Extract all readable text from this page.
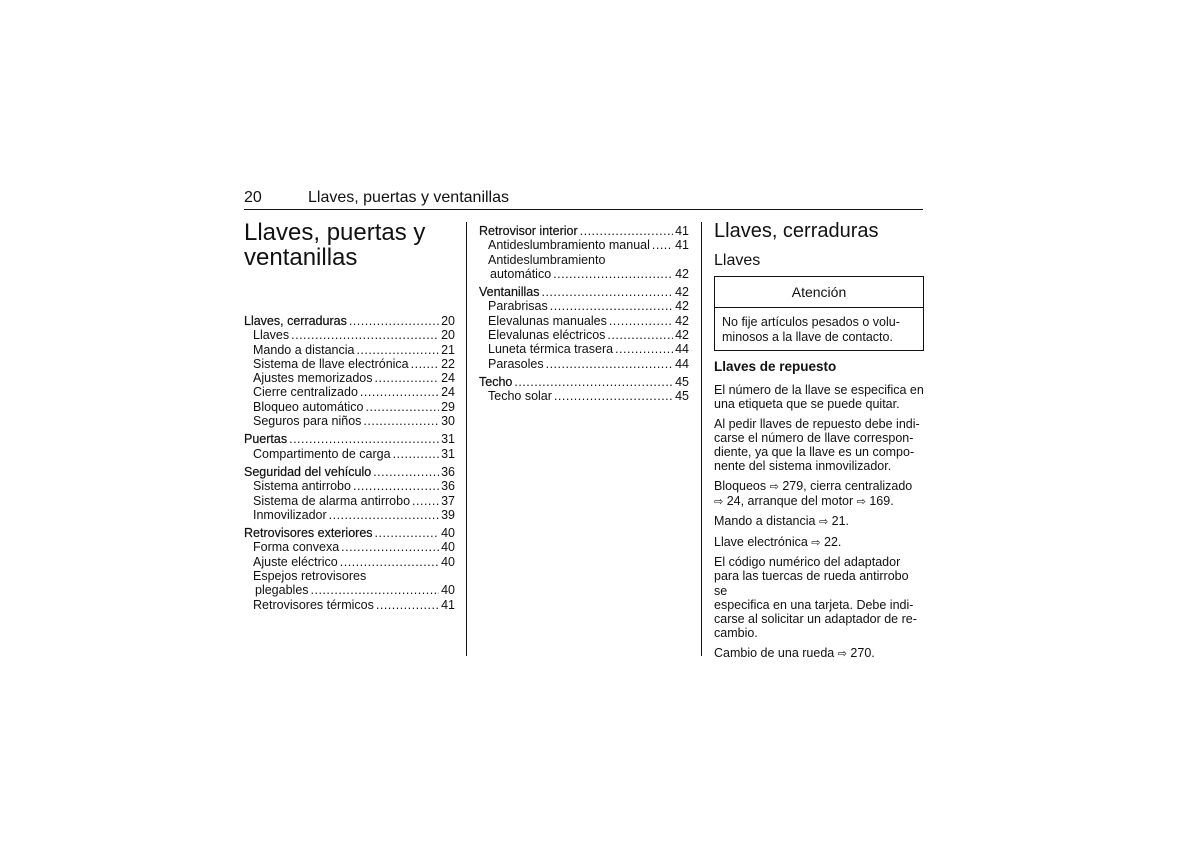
20	Llaves, puertas y ventanillas
Llaves, puertas y
ventanillas
Llaves, cerraduras .....	20
Llaves .....	20
Mando a distancia .....	21
Sistema de llave electrónica .....	22
Ajustes memorizados .....	24
Cierre centralizado .....	24
Bloqueo automático .....	29
Seguros para niños .....	30
Puertas .....	31
Compartimento de carga .....	31
Seguridad del vehículo .....	36
Sistema antirrobo .....	36
Sistema de alarma antirrobo ..... 37
Inmovilizador .....	39
Retrovisores exteriores .....	40
Forma convexa .....	40
Ajuste eléctrico .....	40
Espejos retrovisores
plegables .....	40
Retrovisores térmicos .....	41
Retrovisor interior .....	41
Antideslumbramiento manual ..... 41
Antideslumbramiento
automático .....	42
Ventanillas .....	42
Parabrisas .....	42
Elevalunas manuales .....	42
Elevalunas eléctricos .....	42
Luneta térmica trasera .....	44
Parasoles .....	44
Techo .....	45
Techo solar .....	45
Llaves, cerraduras
Llaves
Atención
No fije artículos pesados o volu-
minosos a la llave de contacto.
Llaves de repuesto

El número de la llave se especifica en
una etiqueta que se puede quitar.

Al pedir llaves de repuesto debe indi-
carse el número de llave correspon-
diente, ya que la llave es un compo-
nente del sistema inmovilizador.

Bloqueos ⇨ 279, cierra centralizado
⇨ 24, arranque del motor ⇨ 169.

Mando a distancia ⇨ 21.

Llave electrónica ⇨ 22.

El código numérico del adaptador
para las tuercas de rueda antirrobo se
especifica en una tarjeta. Debe indi-
carse al solicitar un adaptador de re-
cambio.

Cambio de una rueda ⇨ 270.
